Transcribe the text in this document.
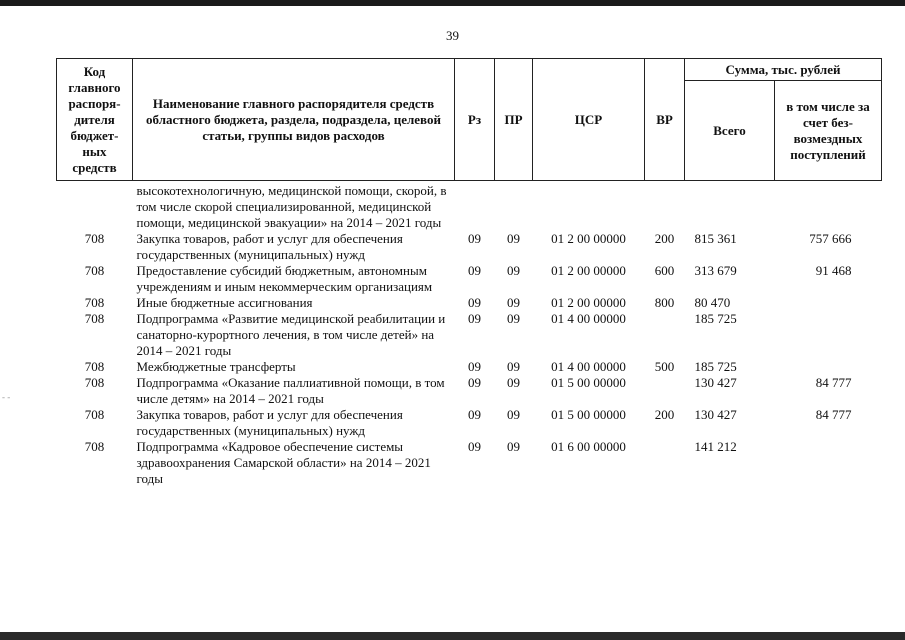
39
- -
Код главного распоря-дителя бюджет-ных средств	Наименование главного распорядителя средств областного бюджета, раздела, подраздела, целевой статьи, группы видов расходов	Рз	ПР	ЦСР	ВР	Сумма, тыс. рублей	
						Всего	в том числе за счет без-возмездных поступлений
	высокотехнологичную, медицинской помощи, скорой, в том числе скорой специализированной, медицинской помощи, медицинской эвакуации» на 2014 – 2021 годы						
708	Закупка товаров, работ и услуг для обеспечения государственных (муниципальных) нужд	09	09	01 2 00 00000	200	815 361	757 666
708	Предоставление субсидий бюджетным, автономным учреждениям и иным некоммерческим организациям	09	09	01 2 00 00000	600	313 679	91 468
708	Иные бюджетные ассигнования	09	09	01 2 00 00000	800	80 470	
708	Подпрограмма «Развитие медицинской реабилитации и санаторно-курортного лечения, в том числе детей» на 2014 – 2021 годы	09	09	01 4 00 00000		185 725	
708	Межбюджетные трансферты	09	09	01 4 00 00000	500	185 725	
708	Подпрограмма «Оказание паллиативной помощи, в том числе детям» на 2014 – 2021 годы	09	09	01 5 00 00000		130 427	84 777
708	Закупка товаров, работ и услуг для обеспечения государственных (муниципальных) нужд	09	09	01 5 00 00000	200	130 427	84 777
708	Подпрограмма «Кадровое обеспечение системы здравоохранения Самарской области» на 2014 – 2021 годы	09	09	01 6 00 00000		141 212	
